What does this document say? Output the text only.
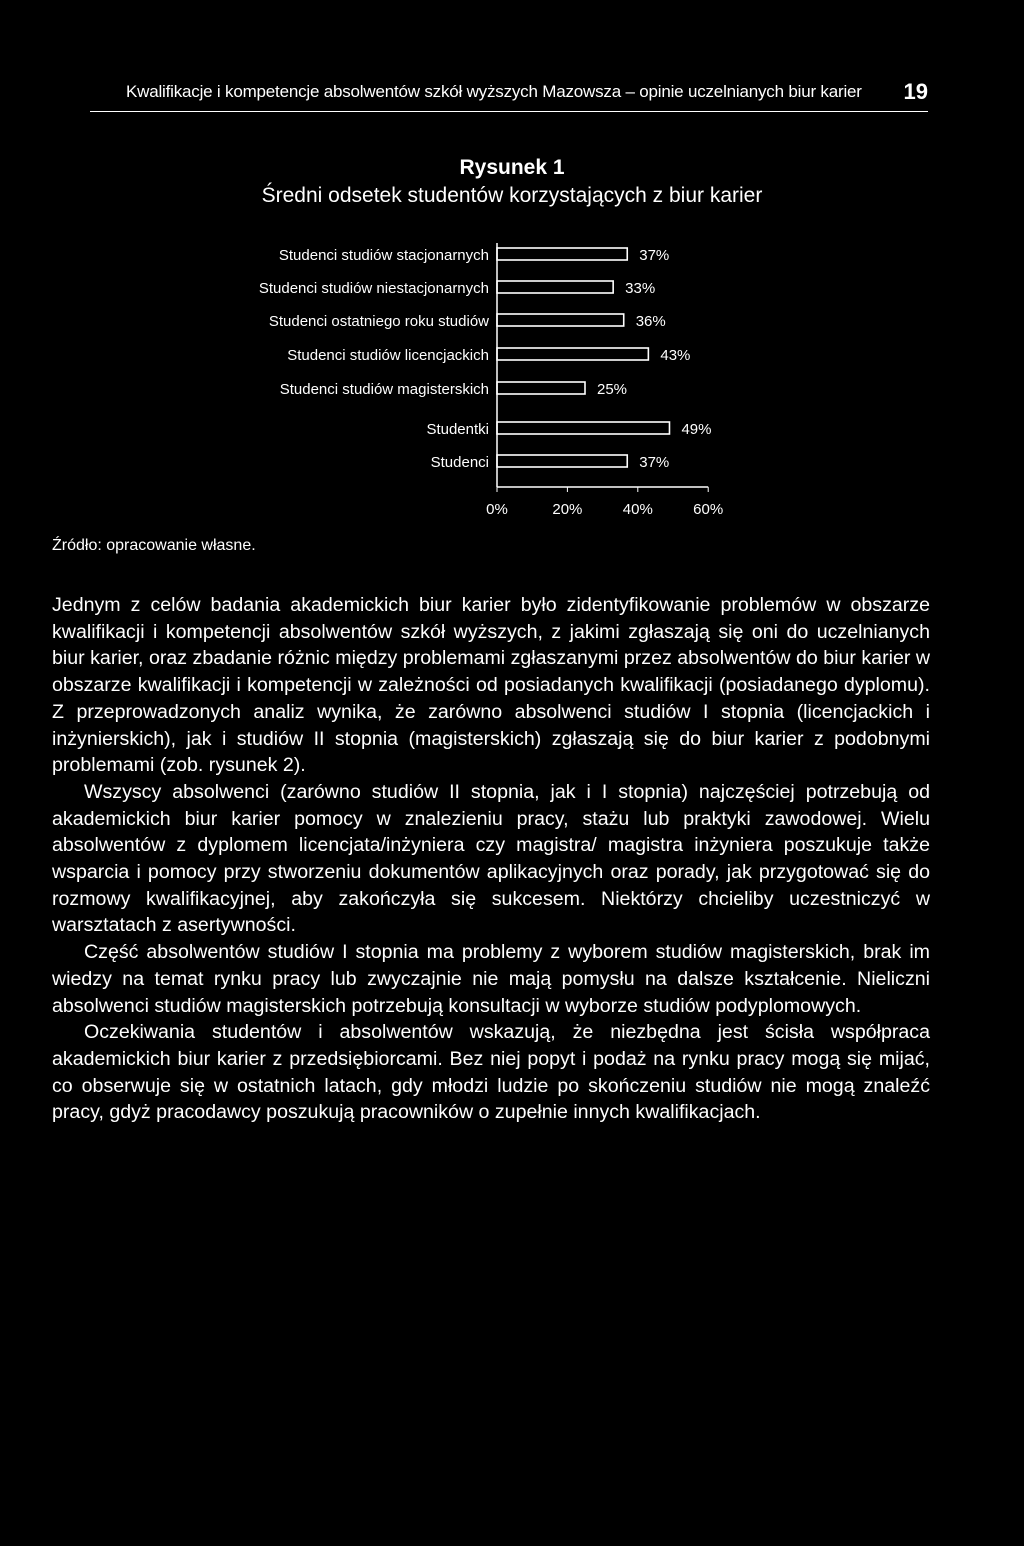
Kwalifikacje i kompetencje absolwentów szkół wyższych Mazowsza – opinie uczelnianych biur karier 19
Rysunek 1
Średni odsetek studentów korzystających z biur karier
Studenci studiów stacjonarnych	37%
Studenci studiów niestacjonarnych	33%
Studenci ostatniego roku studiów	36%
Studenci studiów licencjackich	43%
Studenci studiów magisterskich	25%
Studentki	49%
Studenci	37%
0%	20%	40%	60%
Źródło: opracowanie własne.

Jednym z celów badania akademickich biur karier było zidentyfikowanie problemów w obszarze kwalifikacji i kompetencji absolwentów szkół wyższych, z jakimi zgłaszają się oni do uczelnianych biur karier, oraz zbadanie różnic między problemami zgłaszanymi przez absolwentów do biur karier w obszarze kwalifikacji i kompetencji w zależności od posiadanych kwalifikacji (posiadanego dyplomu). Z przeprowadzonych analiz wynika, że zarówno absolwenci studiów I stopnia (licencjackich i inżynierskich), jak i studiów II stopnia (magisterskich) zgłaszają się do biur karier z podobnymi problemami (zob. rysunek 2).

Wszyscy absolwenci (zarówno studiów II stopnia, jak i I stopnia) najczęściej potrzebują od akademickich biur karier pomocy w znalezieniu pracy, stażu lub praktyki zawodowej. Wielu absolwentów z dyplomem licencjata/inżyniera czy magistra/ magistra inżyniera poszukuje także wsparcia i pomocy przy stworzeniu dokumentów aplikacyjnych oraz porady, jak przygotować się do rozmowy kwalifikacyjnej, aby zakończyła się sukcesem. Niektórzy chcieliby uczestniczyć w warsztatach z asertywności.

Część absolwentów studiów I stopnia ma problemy z wyborem studiów magisterskich, brak im wiedzy na temat rynku pracy lub zwyczajnie nie mają pomysłu na dalsze kształcenie. Nieliczni absolwenci studiów magisterskich potrzebują konsultacji w wyborze studiów podyplomowych.

Oczekiwania studentów i absolwentów wskazują, że niezbędna jest ścisła współpraca akademickich biur karier z przedsiębiorcami. Bez niej popyt i podaż na rynku pracy mogą się mijać, co obserwuje się w ostatnich latach, gdy młodzi ludzie po skończeniu studiów nie mogą znaleźć pracy, gdyż pracodawcy poszukują pracowników o zupełnie innych kwalifikacjach.
